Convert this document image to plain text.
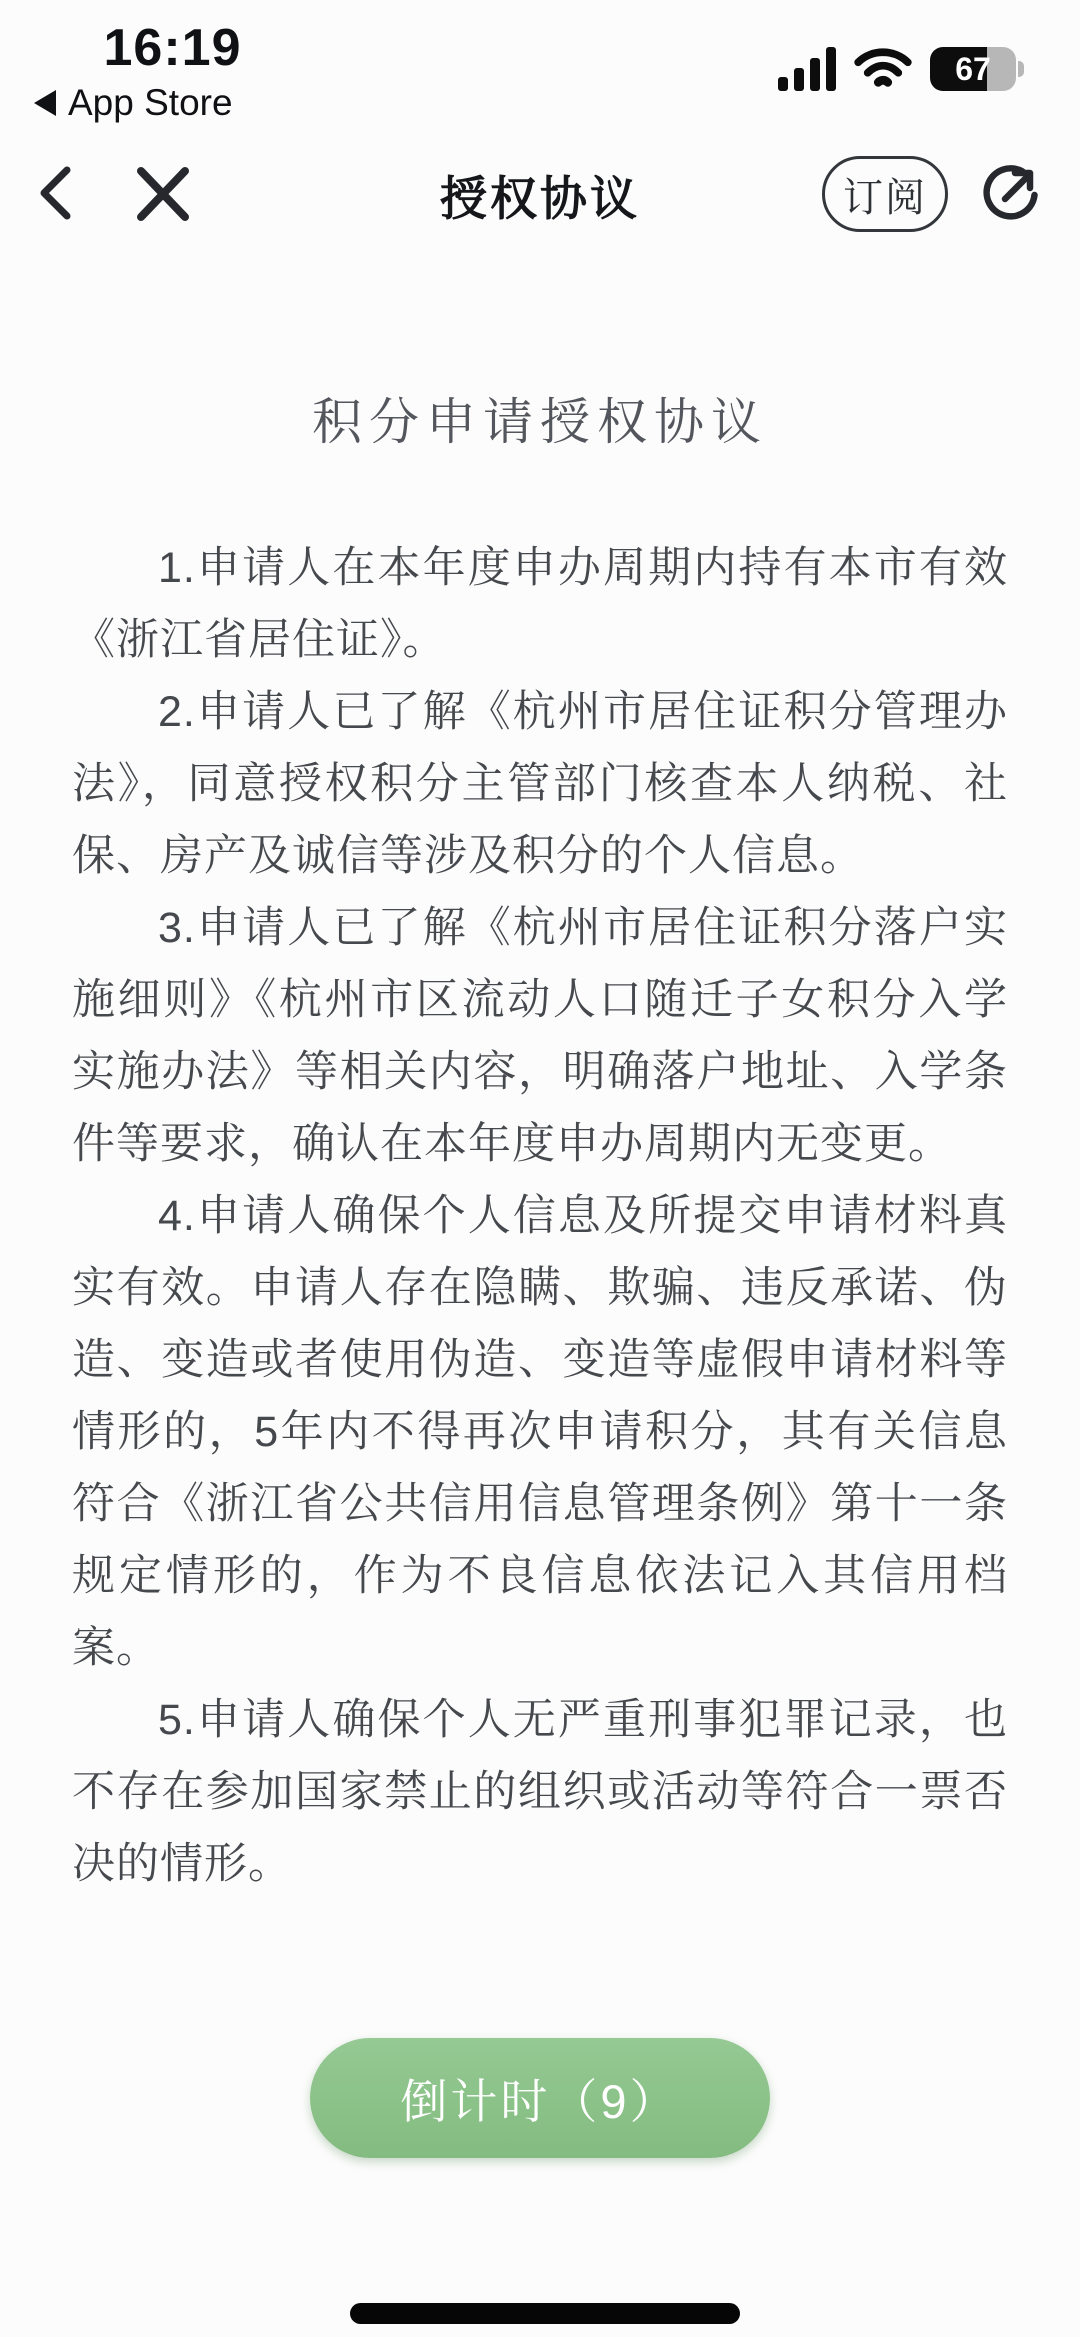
16:19
App Store
67
授权协议	订阅
积分申请授权协议

1.申请人在本年度申办周期内持有本市有效《浙江省居住证》。

2.申请人已了解《杭州市居住证积分管理办法》，同意授权积分主管部门核查本人纳税、社保、房产及诚信等涉及积分的个人信息。

3.申请人已了解《杭州市居住证积分落户实施细则》《杭州市区流动人口随迁子女积分入学实施办法》等相关内容，明确落户地址、入学条件等要求，确认在本年度申办周期内无变更。

4.申请人确保个人信息及所提交申请材料真实有效。申请人存在隐瞒、欺骗、违反承诺、伪造、变造或者使用伪造、变造等虚假申请材料等情形的，5年内不得再次申请积分，其有关信息符合《浙江省公共信用信息管理条例》第十一条规定情形的，作为不良信息依法记入其信用档案。

5.申请人确保个人无严重刑事犯罪记录，也不存在参加国家禁止的组织或活动等符合一票否决的情形。

倒计时（9）
